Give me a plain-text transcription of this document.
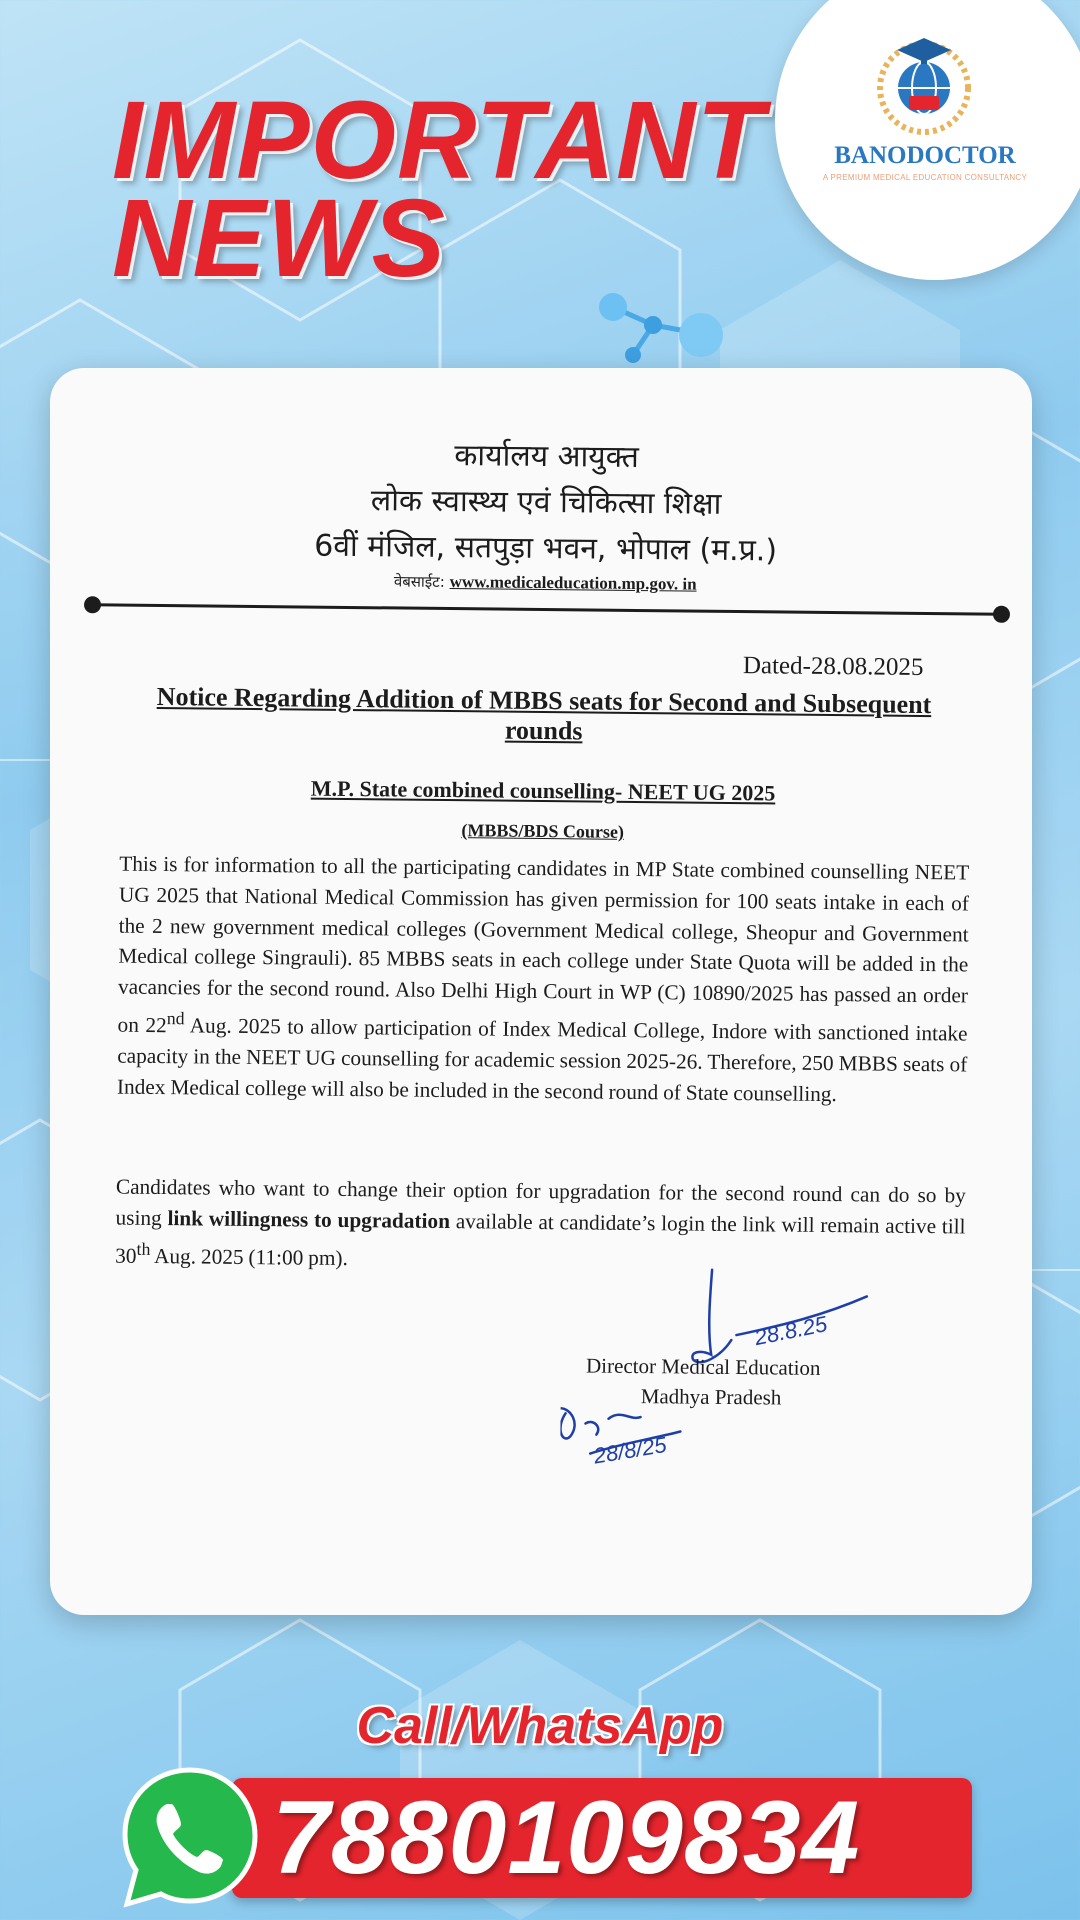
IMPORTANT
NEWS
BANODOCTOR
A PREMIUM MEDICAL EDUCATION CONSULTANCY
कार्यालय आयुक्त
लोक स्वास्थ्य एवं चिकित्सा शिक्षा
6वीं मंजिल, सतपुड़ा भवन, भोपाल (म.प्र.)
वेबसाईट: www.medicaleducation.mp.gov. in
Dated-28.08.2025
Notice Regarding Addition of MBBS seats for Second and Subsequent rounds
M.P. State combined counselling- NEET UG 2025
(MBBS/BDS Course)

This is for information to all the participating candidates in MP State combined counselling NEET UG 2025 that National Medical Commission has given permission for 100 seats intake in each of the 2 new government medical colleges (Government Medical college, Sheopur and Government Medical college Singrauli). 85 MBBS seats in each college under State Quota will be added in the vacancies for the second round. Also Delhi High Court in WP (C) 10890/2025 has passed an order on 22nd Aug. 2025 to allow participation of Index Medical College, Indore with sanctioned intake capacity in the NEET UG counselling for academic session 2025-26. Therefore, 250 MBBS seats of Index Medical college will also be included in the second round of State counselling.

Candidates who want to change their option for upgradation for the second round can do so by using link willingness to upgradation available at candidate’s login the link will remain active till 30th Aug. 2025 (11:00 pm).

28.8.25
28/8/25
Director Medical Education
Madhya Pradesh
Call/WhatsApp
7880109834
